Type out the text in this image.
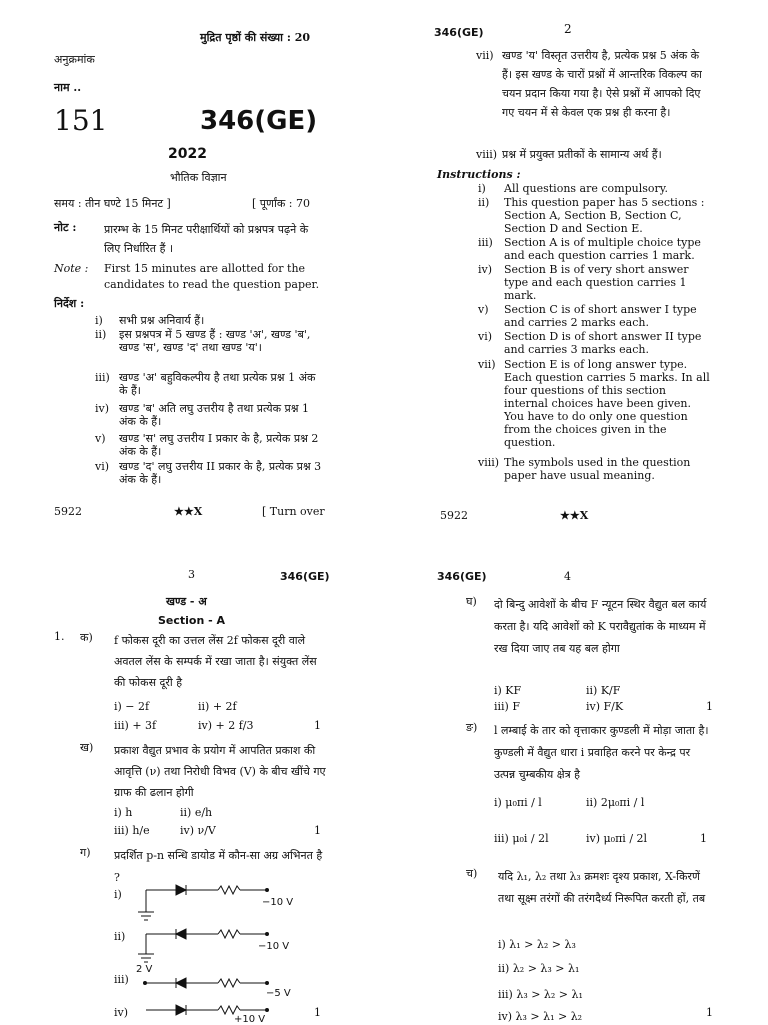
मुद्रित पृष्ठों की संख्या : 20
अनुक्रमांक
नाम ..
151	346(GE)
2022
भौतिक विज्ञान
समय : तीन घण्टे 15 मिनट ]	[ पूर्णांक : 70
नोट :	प्रारम्भ के 15 मिनट परीक्षार्थियों को प्रश्नपत्र पढ़ने के लिए निर्धारित हैं ।
Note : First 15 minutes are allotted for the
candidates to read the question paper.
निर्देश :
i) सभी प्रश्न अनिवार्य हैं।
ii) इस प्रश्नपत्र में 5 खण्ड हैं : खण्ड 'अ', खण्ड 'ब', खण्ड 'स', खण्ड 'द' तथा खण्ड 'य'।
iii) खण्ड 'अ' बहुविकल्पीय है तथा प्रत्येक प्रश्न 1 अंक के हैं।
iv) खण्ड 'ब' अति लघु उत्तरीय है तथा प्रत्येक प्रश्न 1 अंक के हैं।
v) खण्ड 'स' लघु उत्तरीय I प्रकार के है, प्रत्येक प्रश्न 2 अंक के हैं।
vi) खण्ड 'द' लघु उत्तरीय II प्रकार के है, प्रत्येक प्रश्न 3 अंक के हैं।
5922	★★X	[ Turn over
346(GE)	2
vii) खण्ड 'य' विस्तृत उत्तरीय है, प्रत्येक प्रश्न 5 अंक के हैं। इस खण्ड के चारों प्रश्नों में आन्तरिक विकल्प का चयन प्रदान किया गया है। ऐसे प्रश्नों में आपको दिए गए चयन में से केवल एक प्रश्न ही करना है।
viii) प्रश्न में प्रयुक्त प्रतीकों के सामान्य अर्थ हैं।
Instructions :
i) All questions are compulsory.
ii) This question paper has 5 sections : Section A, Section B, Section C, Section D and Section E.
iii) Section A is of multiple choice type and each question carries 1 mark.
iv) Section B is of very short answer type and each question carries 1 mark.
v) Section C is of short answer I type and carries 2 marks each.
vi) Section D is of short answer II type and carries 3 marks each.
vii) Section E is of long answer type. Each question carries 5 marks. In all four questions of this section internal choices have been given. You have to do only one question from the choices given in the question.
viii) The symbols used in the question paper have usual meaning.
5922	★★X
3	346(GE)
खण्ड - अ
Section - A
1. क) f फोकस दूरी का उत्तल लेंस 2f फोकस दूरी वाले अवतल लेंस के सम्पर्क में रखा जाता है। संयुक्त लेंस की फोकस दूरी है
i) − 2f	ii) + 2f
iii) + 3f	iv) + 2 f/3	1
ख) प्रकाश वैद्युत प्रभाव के प्रयोग में आपतित प्रकाश की आवृत्ति (ν) तथा निरोधी विभव (V) के बीच खींचे गए ग्राफ की ढलान होगी
i) h	ii) e/h
iii) h/e	iv) ν/V	1
ग) प्रदर्शित p-n सन्धि डायोड में कौन-सा अग्र अभिनत है ?
i)
ii)
iii)
iv)	1
−10 V
−10 V
2 V
−5 V
+10 V
346(GE)	4
घ) दो बिन्दु आवेशों के बीच F न्यूटन स्थिर वैद्युत बल कार्य करता है। यदि आवेशों को K परावैद्युतांक के माध्यम में रख दिया जाए तब यह बल होगा
i) KF	ii) K/F
iii) F	iv) F/K	1
ङ) l लम्बाई के तार को वृत्ताकार कुण्डली में मोड़ा जाता है। कुण्डली में वैद्युत धारा i प्रवाहित करने पर केन्द्र पर उत्पन्न चुम्बकीय क्षेत्र है
i) μ₀πi / l	ii) 2μ₀πi / l
iii) μ₀i / 2l	iv) μ₀πi / 2l	1
च) यदि λ₁, λ₂ तथा λ₃ क्रमशः दृश्य प्रकाश, X-किरणें तथा सूक्ष्म तरंगों की तरंगदैर्ध्य निरूपित करती हों, तब
i) λ₁ > λ₂ > λ₃
ii) λ₂ > λ₃ > λ₁
iii) λ₃ > λ₂ > λ₁
iv) λ₃ > λ₁ > λ₂	1
